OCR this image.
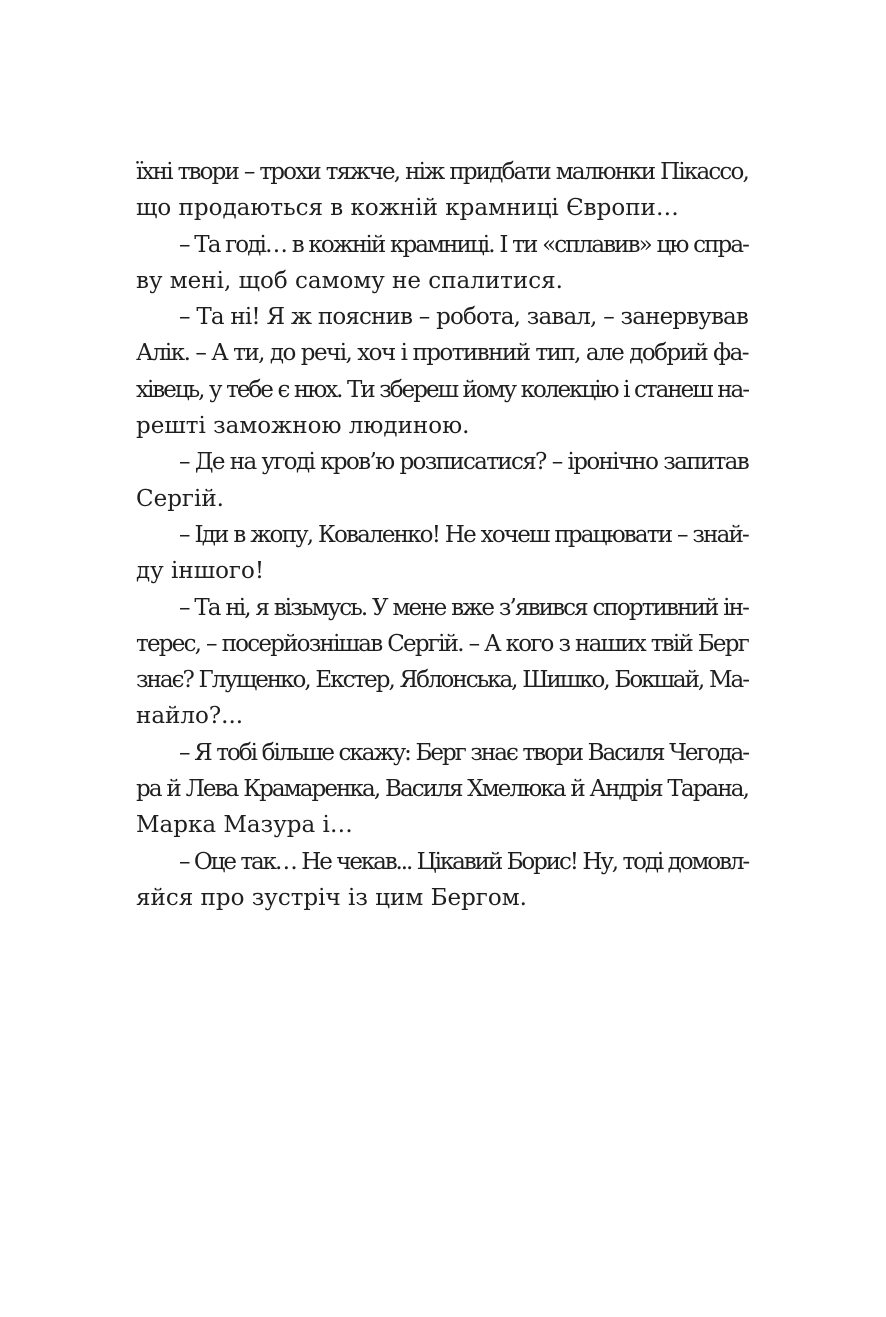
їхні твори – трохи тяжче, ніж придбати малюнки Пікассо,
що продаються в кожній крамниці Європи…
– Та годі… в кожній крамниці. І ти «сплавив» цю спра-
ву мені, щоб самому не спалитися.
– Та ні! Я ж пояснив – робота, завал, – занервував
Алік. – А ти, до речі, хоч і противний тип, але добрий фа-
хівець, у тебе є нюх. Ти збереш йому колекцію і станеш на-
решті заможною людиною.
– Де на угоді кров’ю розписатися? – іронічно запитав
Сергій.
– Іди в жопу, Коваленко! Не хочеш працювати – знай-
ду іншого!
– Та ні, я візьмусь. У мене вже з’явився спортивний ін-
терес, – посерйознішав Сергій. – А кого з наших твій Берг
знає? Глущенко, Екстер, Яблонська, Шишко, Бокшай, Ма-
найло?...
– Я тобі більше скажу: Берг знає твори Василя Чегода-
ра й Лева Крамаренка, Василя Хмелюка й Андрія Тарана,
Марка Мазура і…
– Оце так… Не чекав... Цікавий Борис! Ну, тоді домовл-
яйся про зустріч із цим Бергом.
